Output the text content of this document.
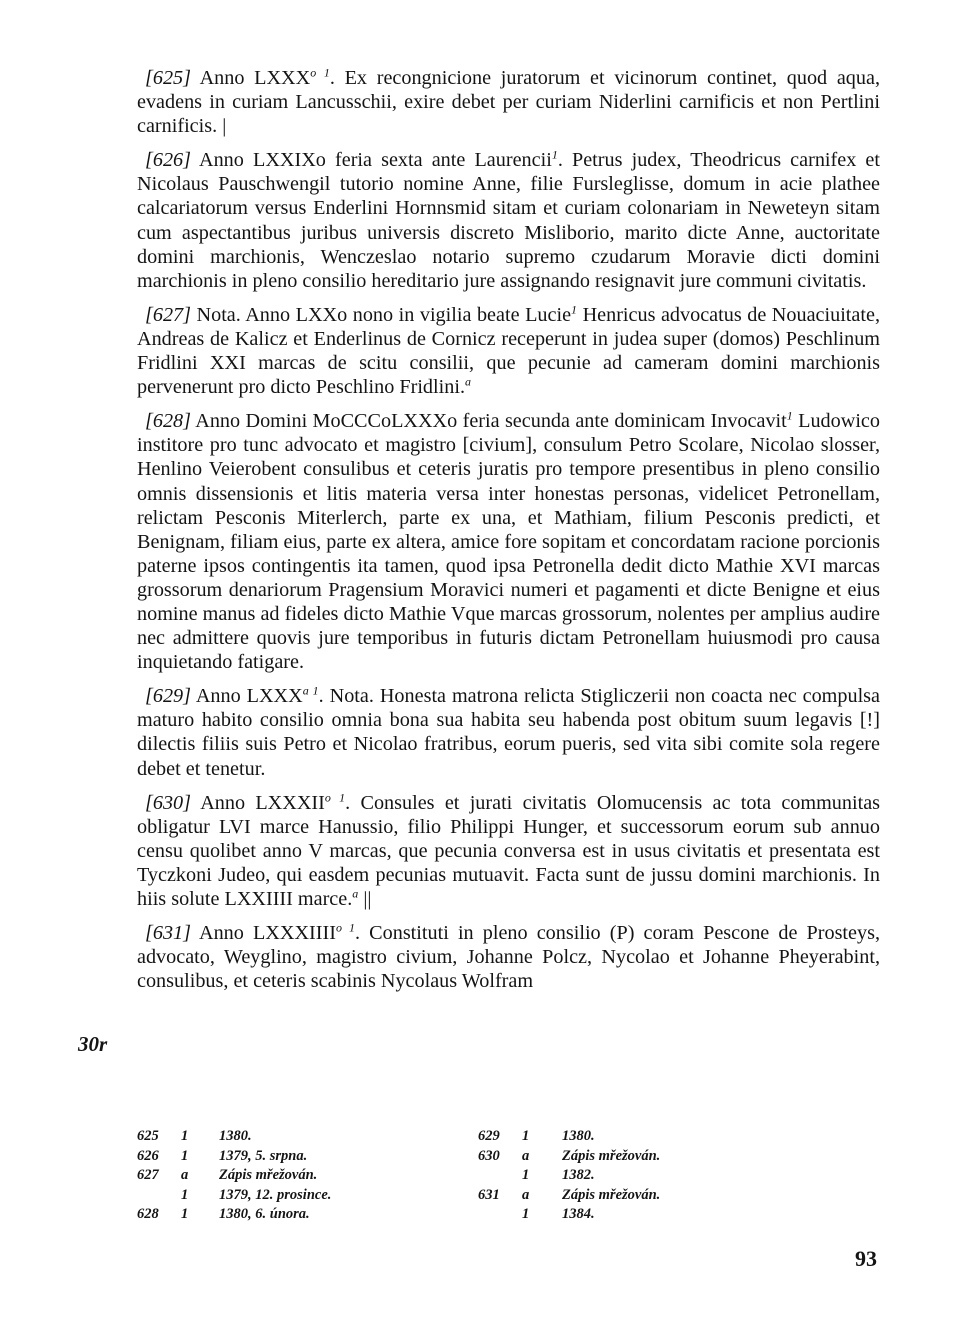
[625] Anno $LXXX^{o 1}$. Ex recongnicione juratorum et vicinorum continet, quod aqua, evadens in curiam Lancusschii, exire debet per curiam Niderlini carnificis et non Pertlini carnificis. |

[626] Anno LXXIXo feria sexta ante Laurencii$^1$. Petrus judex, Theodricus carnifex et Nicolaus Pauschwengil tutorio nomine Anne, filie Fursleglisse, domum in acie plathee calcariatorum versus Enderlini Hornnsmid sitam et curiam colonariam in Neweteyn sitam cum aspectantibus juribus universis discreto Misliborio, marito dicte Anne, auctoritate domini marchionis, Wenczeslao notario supremo czudarum Moravie dicti domini marchionis in pleno consilio hereditario jure assignando resignavit jure communi civitatis.

[627] Nota. Anno LXXo nono in vigilia beate Lucie$^1$ Henricus advocatus de Nouaciuitate, Andreas de Kalicz et Enderlinus de Cornicz receperunt in judea super (domos) Peschlinum Fridlini XXI marcas de scitu consilii, que pecunie ad cameram domini marchionis pervenerunt pro dicto Peschlino Fridlini.$^a$

[628] Anno Domini MoCCCoLXXXo feria secunda ante dominicam Invocavit$^1$ Ludowico institore pro tunc advocato et magistro [civium], consulum Petro Scolare, Nicolao slosser, Henlino Veierobent consulibus et ceteris juratis pro tempore presentibus in pleno consilio omnis dissensionis et litis materia versa inter honestas personas, videlicet Petronellam, relictam Pesconis Miterlerch, parte ex una, et Mathiam, filium Pesconis predicti, et Benignam, filiam eius, parte ex altera, amice fore sopitam et concordatam racione porcionis paterne ipsos contingentis ita tamen, quod ipsa Petronella dedit dicto Mathie XVI marcas grossorum denariorum Pragensium Moravici numeri et pagamenti et dicte Benigne et eius nomine manus ad fideles dicto Mathie Vque marcas grossorum, nolentes per amplius audire nec admittere quovis jure temporibus in futuris dictam Petronellam huiusmodi pro causa inquietando fatigare.

[629] Anno $LXXX^{a 1}$. Nota. Honesta matrona relicta Stigliczerii non coacta nec compulsa maturo habito consilio omnia bona sua habita seu habenda post obitum suum legavis [!] dilectis filiis suis Petro et Nicolao fratribus, eorum pueris, sed vita sibi comite sola regere debet et tenetur.

[630] Anno $LXXXII^{o 1}$. Consules et jurati civitatis Olomucensis ac tota communitas obligatur LVI marce Hanussio, filio Philippi Hunger, et successorum eorum sub annuo censu quolibet anno V marcas, que pecunia conversa est in usus civitatis et presentata est Tyczkoni Judeo, qui easdem pecunias mutuavit. Facta sunt de jussu domini marchionis. In hiis solute LXXIIII marce.$^a$ ||

[631] Anno $LXXXIIII^{o 1}$. Constituti in pleno consilio (P) coram Pescone de Prosteys, advocato, Weyglino, magistro civium, Johanne Polcz, Nycolao et Johanne Pheyerabint, consulibus, et ceteris scabinis Nycolaus Wolfram

30r
625 1 1380.	629 1 1380.
626 1 1379, 5. srpna.	630 a Zápis mřežován.
627 a Zápis mřežován.	1 1382.
1 1379, 12. prosince.	631 a Zápis mřežován.
628 1 1380, 6. února.	1 1384.
93
